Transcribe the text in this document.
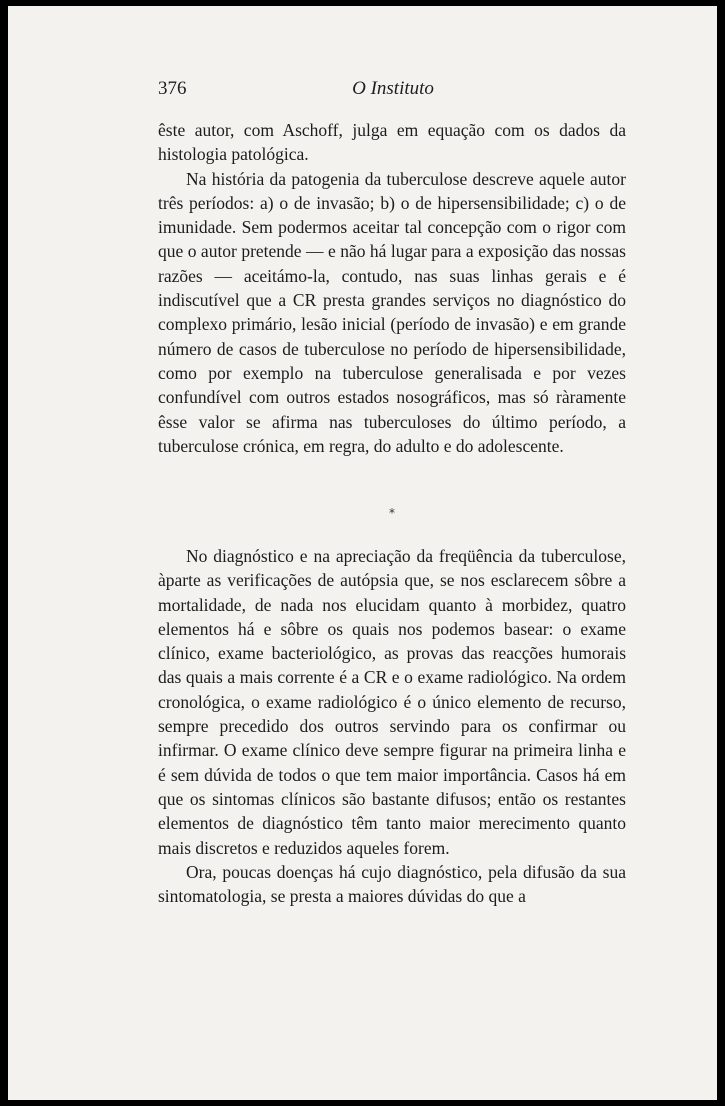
376	O Instituto

êste autor, com Aschoff, julga em equação com os dados da histologia patológica.

Na história da patogenia da tuberculose descreve aquele autor três períodos: a) o de invasão; b) o de hipersensibilidade; c) o de imunidade. Sem podermos aceitar tal concepção com o rigor com que o autor pretende — e não há lugar para a exposição das nossas razões — aceitámo-la, contudo, nas suas linhas gerais e é indiscutível que a CR presta grandes serviços no diagnóstico do complexo primário, lesão inicial (período de invasão) e em grande número de casos de tuberculose no período de hipersensibilidade, como por exemplo na tuberculose generalisada e por vezes confundível com outros estados nosográficos, mas só ràramente êsse valor se afirma nas tuberculoses do último período, a tuberculose crónica, em regra, do adulto e do adolescente.

*

No diagnóstico e na apreciação da freqüência da tuberculose, àparte as verificações de autópsia que, se nos esclarecem sôbre a mortalidade, de nada nos elucidam quanto à morbidez, quatro elementos há e sôbre os quais nos podemos basear: o exame clínico, exame bacteriológico, as provas das reacções humorais das quais a mais corrente é a CR e o exame radiológico. Na ordem cronológica, o exame radiológico é o único elemento de recurso, sempre precedido dos outros servindo para os confirmar ou infirmar. O exame clínico deve sempre figurar na primeira linha e é sem dúvida de todos o que tem maior importância. Casos há em que os sintomas clínicos são bastante difusos; então os restantes elementos de diagnóstico têm tanto maior merecimento quanto mais discretos e reduzidos aqueles forem.

Ora, poucas doenças há cujo diagnóstico, pela difusão da sua sintomatologia, se presta a maiores dúvidas do que a
